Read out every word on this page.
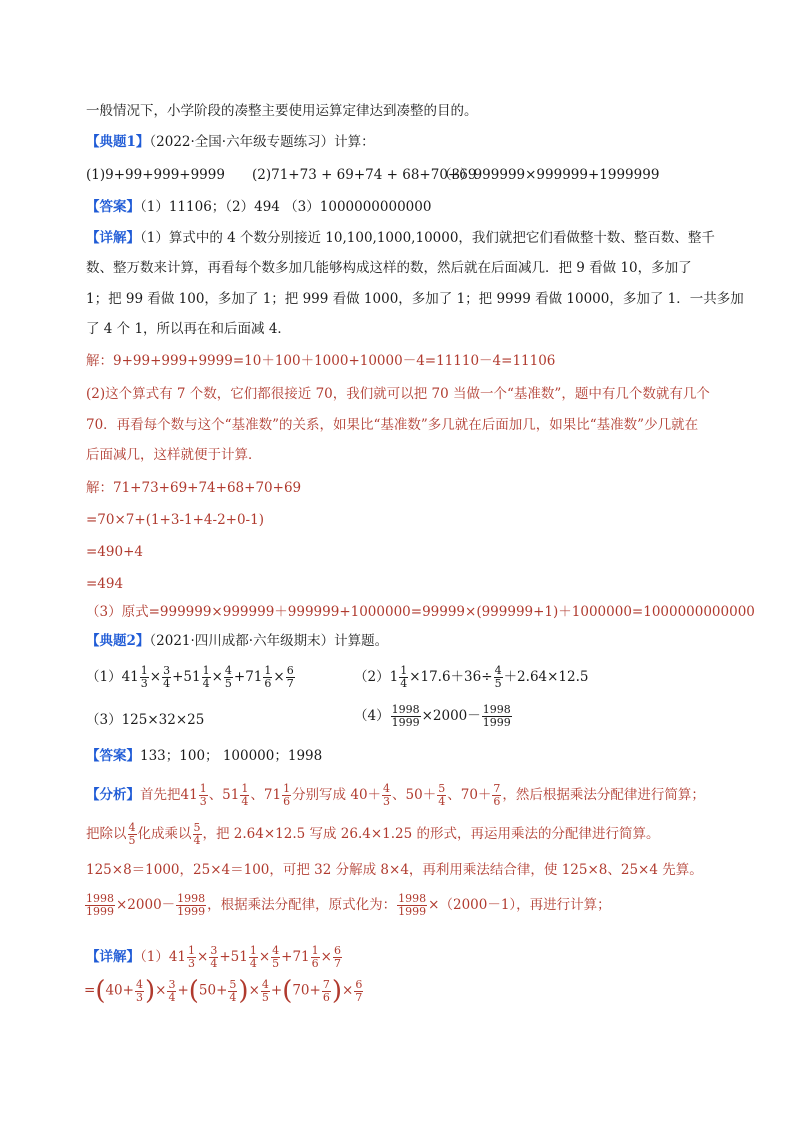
一般情况下，小学阶段的凑整主要使用运算定律达到凑整的目的。
【典题1】（2022·全国·六年级专题练习）计算：
(1)9+99+999+9999 (2)71+73 + 69+74 + 68+70+69
（3）999999×999999+1999999
【答案】（1）11106；（2）494 （3）1000000000000
【详解】（1）算式中的 4 个数分别接近 10,100,1000,10000，我们就把它们看做整十数、整百数、整千
数、整万数来计算，再看每个数多加几能够构成这样的数，然后就在后面减几．把 9 看做 10，多加了
1；把 99 看做 100，多加了 1；把 999 看做 1000，多加了 1；把 9999 看做 10000，多加了 1．一共多加
了 4 个 1，所以再在和后面减 4．
解：9+99+999+9999=10＋100＋1000+10000－4=11110－4=11106
(2)这个算式有 7 个数，它们都很接近 70，我们就可以把 70 当做一个“基准数”，题中有几个数就有几个
70．再看每个数与这个“基准数”的关系，如果比“基准数”多几就在后面加几，如果比“基准数”少几就在
后面减几，这样就便于计算．
解：71+73+69+74+68+70+69
=70×7+(1+3-1+4-2+0-1)
=490+4
=494
（3）原式=999999×999999＋999999+1000000=99999×(999999+1)＋1000000=1000000000000
【典题2】（2021·四川成都·六年级期末）计算题。
$(1)41 \frac{1}{3} \times \frac{3}{4} +51 \frac{1}{4} \times \frac{4}{5} +71 \frac{1}{6} \times \frac{6}{7}$	$(2)1 \frac{1}{4} \times 17.6+36\div \frac{4}{5} +2.64\times 12.5$
（3）125×32×25	$(4) \frac{1998}{1999} \times 2000- \frac{1998}{1999}$
【答案】133；100； 100000；1998
【分析】首先把$41 \frac{1}{3}$ 、$51 \frac{1}{4}$ 、$71 \frac{1}{6}$ 分别写成 $40+ \frac{4}{3}$ 、$50+ \frac{5}{4}$ 、$70+ \frac{7}{6}$ ，然后根据乘法分配律进行简算；
把除以 $\frac{4}{5}$ 化成乘以 $\frac{5}{4}$ ，把 2.64×12.5 写成 26.4×1.25 的形式，再运用乘法的分配律进行简算。
125×8＝1000，25×4＝100，可把 32 分解成 8×4，再利用乘法结合律，使 125×8、25×4 先算。
$\frac{1998}{1999} \times 2000- \frac{1998}{1999}$ ，根据乘法分配律，原式化为： $\frac{1998}{1999} \times(2000-1)$，再进行计算；
【详解】$(1)41 \frac{1}{3} \times \frac{3}{4} +51 \frac{1}{4} \times \frac{4}{5} +71 \frac{1}{6} \times \frac{6}{7}$
$=(40+ \frac{4}{3}$ )× $\frac{3}{4} +(50+ \frac{5}{4}$ )× $\frac{4}{5} +(70+ \frac{7}{6}$ )× $\frac{6}{7}$
